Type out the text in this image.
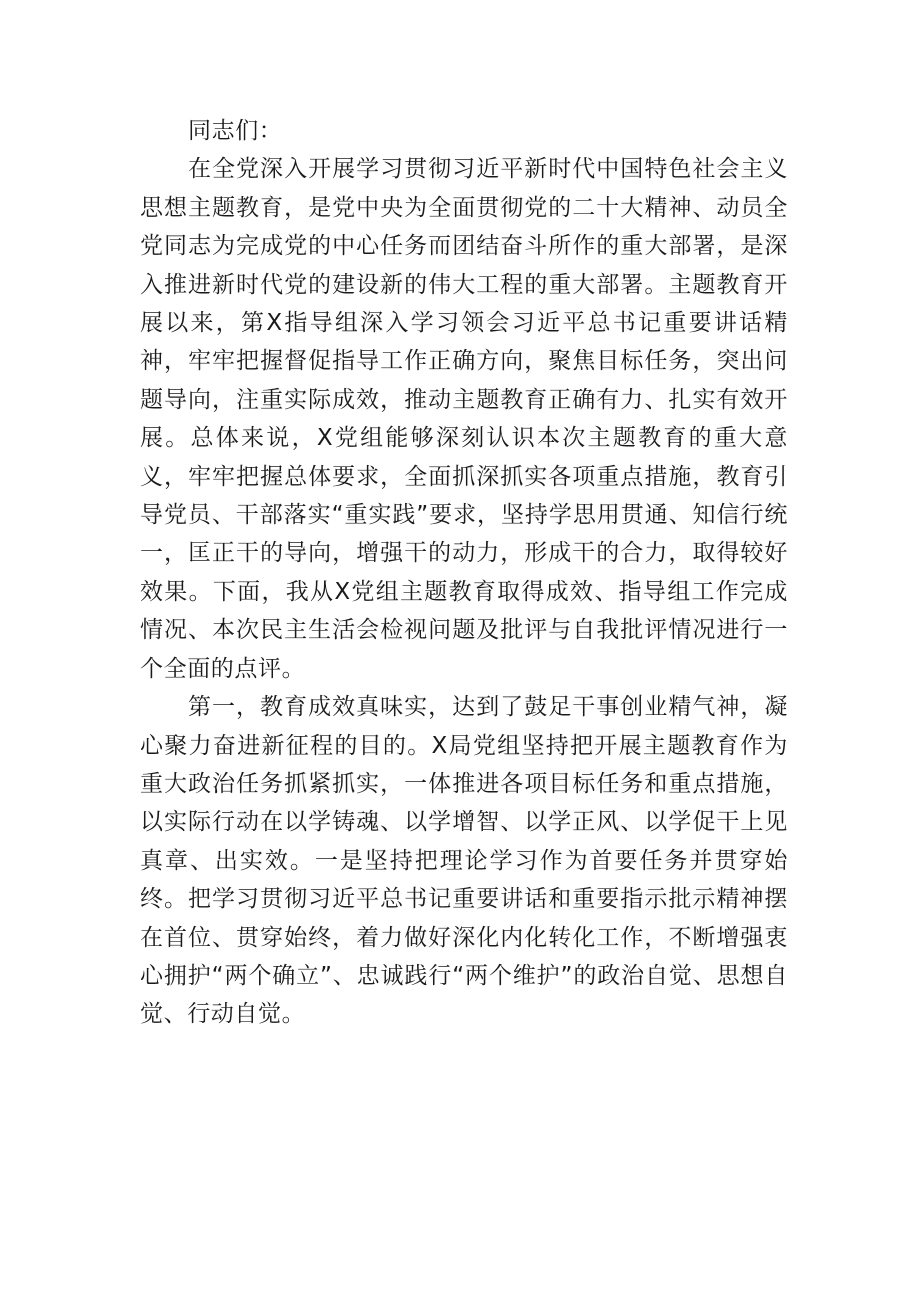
同志们：

在全党深入开展学习贯彻习近平新时代中国特色社会主义思想主题教育，是党中央为全面贯彻党的二十大精神、动员全党同志为完成党的中心任务而团结奋斗所作的重大部署，是深入推进新时代党的建设新的伟大工程的重大部署。主题教育开展以来，第X指导组深入学习领会习近平总书记重要讲话精神，牢牢把握督促指导工作正确方向，聚焦目标任务，突出问题导向，注重实际成效，推动主题教育正确有力、扎实有效开展。总体来说，X党组能够深刻认识本次主题教育的重大意义，牢牢把握总体要求，全面抓深抓实各项重点措施，教育引导党员、干部落实“重实践”要求，坚持学思用贯通、知信行统一，匡正干的导向，增强干的动力，形成干的合力，取得较好效果。下面，我从X党组主题教育取得成效、指导组工作完成情况、本次民主生活会检视问题及批评与自我批评情况进行一个全面的点评。

第一，教育成效真味实，达到了鼓足干事创业精气神，凝心聚力奋进新征程的目的。X局党组坚持把开展主题教育作为重大政治任务抓紧抓实，一体推进各项目标任务和重点措施，以实际行动在以学铸魂、以学增智、以学正风、以学促干上见真章、出实效。一是坚持把理论学习作为首要任务并贯穿始终。把学习贯彻习近平总书记重要讲话和重要指示批示精神摆在首位、贯穿始终，着力做好深化内化转化工作，不断增强衷心拥护“两个确立”、忠诚践行“两个维护”的政治自觉、思想自觉、行动自觉。
